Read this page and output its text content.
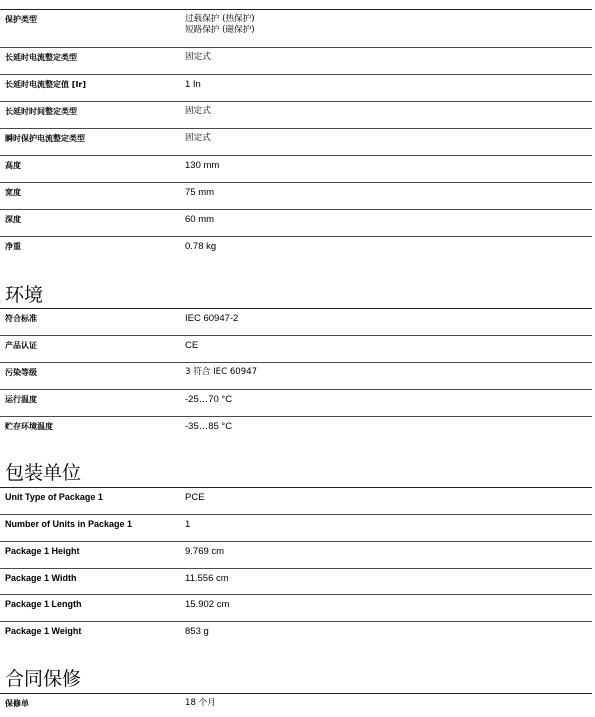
保护类型	过载保护 (热保护)
短路保护 (磁保护)
长延时电流整定类型	固定式
长延时电流整定值 [Ir]	1 In
长延时时间整定类型	固定式
瞬时保护电流整定类型	固定式
高度	130 mm
宽度	75 mm
深度	60 mm
净重	0.78 kg
环境
符合标准	IEC 60947-2
产品认证	CE
污染等级	3 符合 IEC 60947
运行温度	-25…70 °C
贮存环境温度	-35…85 °C
包装单位
Unit Type of Package 1	PCE
Number of Units in Package 1	1
Package 1 Height	9.769 cm
Package 1 Width	11.556 cm
Package 1 Length	15.902 cm
Package 1 Weight	853 g
合同保修
保修单	18 个月
